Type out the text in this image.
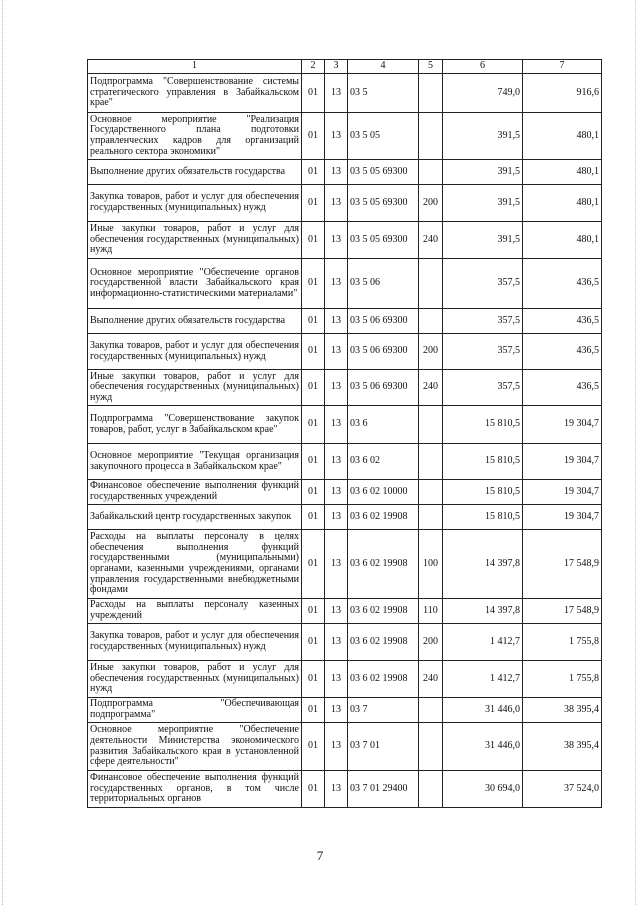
1	2	3	4	5	6	7
Подпрограмма "Совершенствование системы стратегического управления в Забайкальском крае"	01	13	03 5		749,0	916,6
Основное мероприятие "Реализация Государственного плана подготовки управленческих кадров для организаций реального сектора экономики"	01	13	03 5 05		391,5	480,1
Выполнение других обязательств государства	01	13	03 5 05 69300		391,5	480,1
Закупка товаров, работ и услуг для обеспечения государственных (муниципальных) нужд	01	13	03 5 05 69300	200	391,5	480,1
Иные закупки товаров, работ и услуг для обеспечения государственных (муниципальных) нужд	01	13	03 5 05 69300	240	391,5	480,1
Основное мероприятие "Обеспечение органов государственной власти Забайкальского края информационно-статистическими материалами"	01	13	03 5 06		357,5	436,5
Выполнение других обязательств государства	01	13	03 5 06 69300		357,5	436,5
Закупка товаров, работ и услуг для обеспечения государственных (муниципальных) нужд	01	13	03 5 06 69300	200	357,5	436,5
Иные закупки товаров, работ и услуг для обеспечения государственных (муниципальных) нужд	01	13	03 5 06 69300	240	357,5	436,5
Подпрограмма "Совершенствование закупок товаров, работ, услуг в Забайкальском крае"	01	13	03 6		15 810,5	19 304,7
Основное мероприятие "Текущая организация закупочного процесса в Забайкальском крае"	01	13	03 6 02		15 810,5	19 304,7
Финансовое обеспечение выполнения функций государственных учреждений	01	13	03 6 02 10000		15 810,5	19 304,7
Забайкальский центр государственных закупок	01	13	03 6 02 19908		15 810,5	19 304,7
Расходы на выплаты персоналу в целях обеспечения выполнения функций государственными (муниципальными) органами, казенными учреждениями, органами управления государственными внебюджетными фондами	01	13	03 6 02 19908	100	14 397,8	17 548,9
Расходы на выплаты персоналу казенных учреждений	01	13	03 6 02 19908	110	14 397,8	17 548,9
Закупка товаров, работ и услуг для обеспечения государственных (муниципальных) нужд	01	13	03 6 02 19908	200	1 412,7	1 755,8
Иные закупки товаров, работ и услуг для обеспечения государственных (муниципальных) нужд	01	13	03 6 02 19908	240	1 412,7	1 755,8
Подпрограмма "Обеспечивающая подпрограмма"	01	13	03 7		31 446,0	38 395,4
Основное мероприятие "Обеспечение деятельности Министерства экономического развития Забайкальского края в установленной сфере деятельности"	01	13	03 7 01		31 446,0	38 395,4
Финансовое обеспечение выполнения функций государственных органов, в том числе территориальных органов	01	13	03 7 01 29400		30 694,0	37 524,0
7
